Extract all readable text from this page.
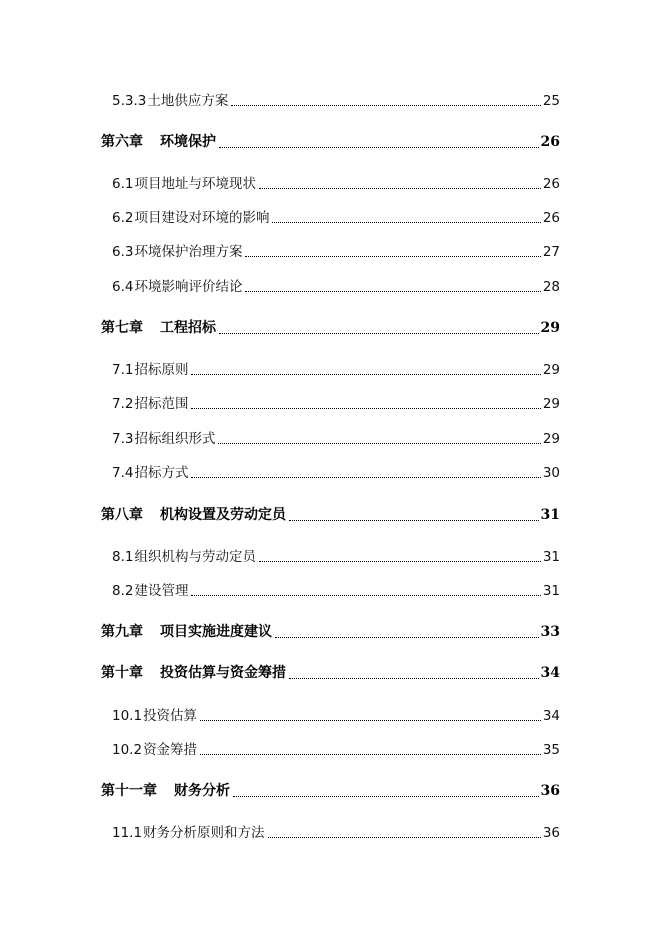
5.3.3土地供应方案	25
第六章 环境保护	26
6.1项目地址与环境现状	26
6.2项目建设对环境的影响	26
6.3环境保护治理方案	27
6.4环境影响评价结论	28
第七章 工程招标	29
7.1招标原则	29
7.2招标范围	29
7.3招标组织形式	29
7.4招标方式	30
第八章 机构设置及劳动定员	31
8.1组织机构与劳动定员	31
8.2建设管理	31
第九章 项目实施进度建议	33
第十章 投资估算与资金筹措	34
10.1投资估算	34
10.2资金筹措	35
第十一章 财务分析	36
11.1财务分析原则和方法	36
